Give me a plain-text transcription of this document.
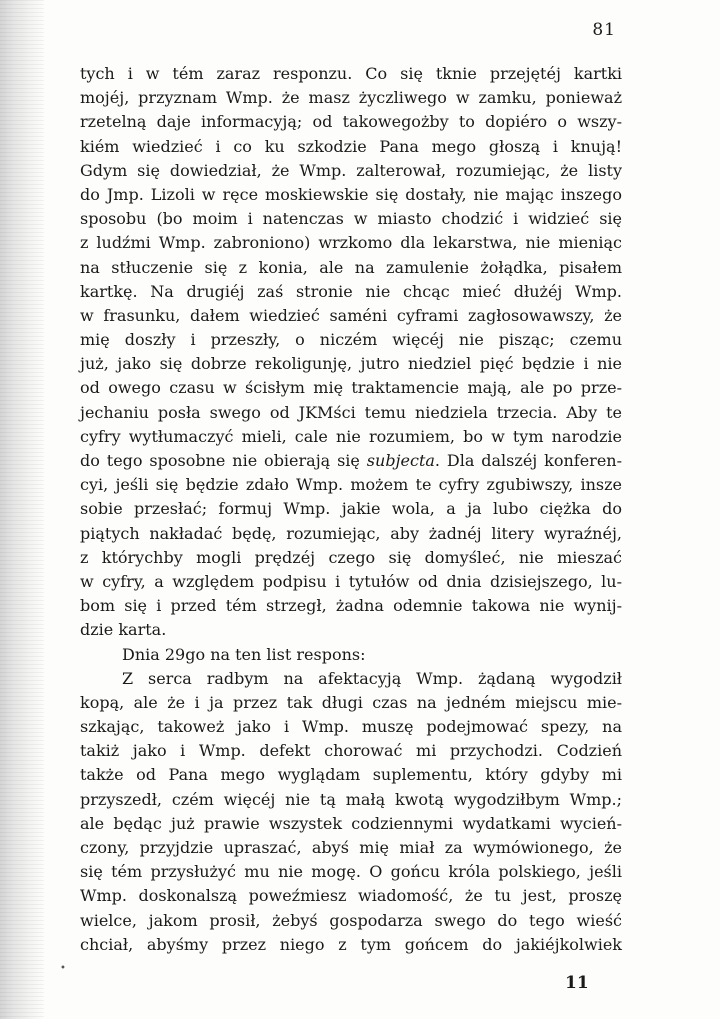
81
tych i w tém zaraz responzu. Co się tknie przejętéj kartki
mojéj, przyznam Wmp. że masz życzliwego w zamku, ponieważ
rzetelną daje informacyją; od takowegożby to dopiéro o wszy-
kiém wiedzieć i co ku szkodzie Pana mego głoszą i knują!
Gdym się dowiedział, że Wmp. zalterował, rozumiejąc, że listy
do Jmp. Lizoli w ręce moskiewskie się dostały, nie mając inszego
sposobu (bo moim i natenczas w miasto chodzić i widzieć się
z ludźmi Wmp. zabroniono) wrzkomo dla lekarstwa, nie mieniąc
na stłuczenie się z konia, ale na zamulenie żołądka, pisałem
kartkę. Na drugiéj zaś stronie nie chcąc mieć dłużéj Wmp.
w frasunku, dałem wiedzieć saméni cyframi zagłosowawszy, że
mię doszły i przeszły, o niczém więcéj nie pisząc; czemu
już, jako się dobrze rekoligunję, jutro niedziel pięć będzie i nie
od owego czasu w ścisłym mię traktamencie mają, ale po prze-
jechaniu posła swego od JKMści temu niedziela trzecia. Aby te
cyfry wytłumaczyć mieli, cale nie rozumiem, bo w tym narodzie
do tego sposobne nie obierają się subjecta. Dla dalszéj konferen-
cyi, jeśli się będzie zdało Wmp. możem te cyfry zgubiwszy, insze
sobie przesłać; formuj Wmp. jakie wola, a ja lubo ciężka do
piątych nakładać będę, rozumiejąc, aby żadnéj litery wyraźnéj,
z którychby mogli prędzéj czego się domyśleć, nie mieszać
w cyfry, a względem podpisu i tytułów od dnia dzisiejszego, lu-
bom się i przed tém strzegł, żadna odemnie takowa nie wynij-
dzie karta.
Dnia 29go na ten list respons:
Z serca radbym na afektacyją Wmp. żądaną wygodził
kopą, ale że i ja przez tak długi czas na jedném miejscu mie-
szkając, takoweż jako i Wmp. muszę podejmować spezy, na
takiż jako i Wmp. defekt chorować mi przychodzi. Codzień
także od Pana mego wyglądam suplementu, który gdyby mi
przyszedł, czém więcéj nie tą małą kwotą wygodziłbym Wmp.;
ale będąc już prawie wszystek codziennymi wydatkami wycień-
czony, przyjdzie upraszać, abyś mię miał za wymówionego, że
się tém przysłużyć mu nie mogę. O gońcu króla polskiego, jeśli
Wmp. doskonalszą poweźmiesz wiadomość, że tu jest, proszę
wielce, jakom prosił, żebyś gospodarza swego do tego wieść
chciał, abyśmy przez niego z tym gońcem do jakiéjkolwiek
•
11
